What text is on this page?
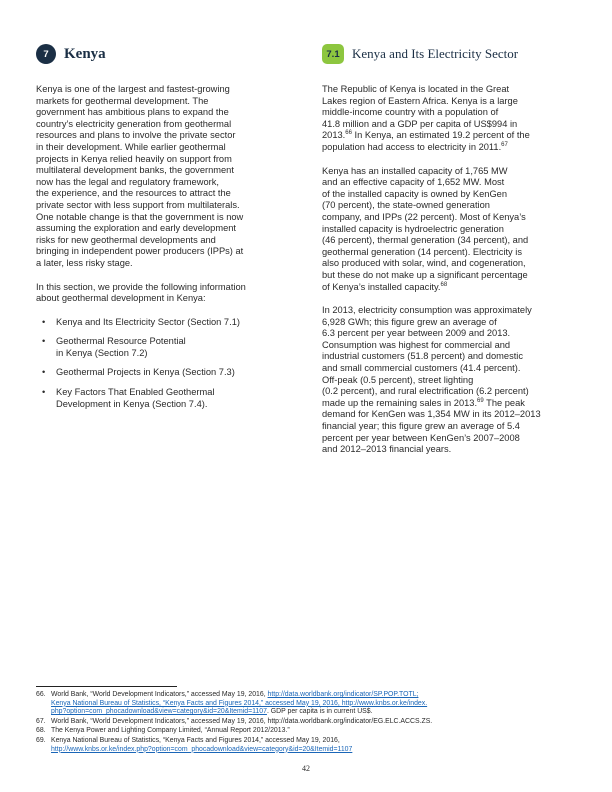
7	Kenya

Kenya is one of the largest and fastest-growing
markets for geothermal development. The
government has ambitious plans to expand the
country’s electricity generation from geothermal
resources and plans to involve the private sector
in their development. While earlier geothermal
projects in Kenya relied heavily on support from
multilateral development banks, the government
now has the legal and regulatory framework,
the experience, and the resources to attract the
private sector with less support from multilaterals.
One notable change is that the government is now
assuming the exploration and early development
risks for new geothermal developments and
bringing in independent power producers (IPPs) at
a later, less risky stage.

In this section, we provide the following information
about geothermal development in Kenya:

• Kenya and Its Electricity Sector (Section 7.1)
• Geothermal Resource Potential
in Kenya (Section 7.2)
• Geothermal Projects in Kenya (Section 7.3)
• Key Factors That Enabled Geothermal
Development in Kenya (Section 7.4).
7.1 Kenya and Its Electricity Sector

The Republic of Kenya is located in the Great
Lakes region of Eastern Africa. Kenya is a large
middle-income country with a population of
41.8 million and a GDP per capita of US$994 in
2013.66 In Kenya, an estimated 19.2 percent of the
population had access to electricity in 2011.67

Kenya has an installed capacity of 1,765 MW
and an effective capacity of 1,652 MW. Most
of the installed capacity is owned by KenGen
(70 percent), the state-owned generation
company, and IPPs (22 percent). Most of Kenya’s
installed capacity is hydroelectric generation
(46 percent), thermal generation (34 percent), and
geothermal generation (14 percent). Electricity is
also produced with solar, wind, and cogeneration,
but these do not make up a significant percentage
of Kenya’s installed capacity.$^{68}$

In 2013, electricity consumption was approximately
6,928 GWh; this figure grew an average of
6.3 percent per year between 2009 and 2013.
Consumption was highest for commercial and
industrial customers (51.8 percent) and domestic
and small commercial customers (41.4 percent).
Off-peak (0.5 percent), street lighting
(0.2 percent), and rural electrification (6.2 percent)
made up the remaining sales in 2013.69 The peak
demand for KenGen was 1,354 MW in its 2012–2013
financial year; this figure grew an average of 5.4
percent per year between KenGen’s 2007–2008
and 2012–2013 financial years.

66. World Bank, “World Development Indicators,” accessed May 19, 2016, http://data.worldbank.org/indicator/SP.POP.TOTL;
Kenya National Bureau of Statistics, “Kenya Facts and Figures 2014,” accessed May 19, 2016, http://www.knbs.or.ke/index.
php?option=com_phocadownload&view=category&id=20&Itemid=1107. GDP per capita is in current US$.
67. World Bank, “World Development Indicators,” accessed May 19, 2016, http://data.worldbank.org/indicator/EG.ELC.ACCS.ZS.
68. The Kenya Power and Lighting Company Limited, “Annual Report 2012/2013.”
69. Kenya National Bureau of Statistics, “Kenya Facts and Figures 2014,” accessed May 19, 2016,
http://www.knbs.or.ke/index.php?option=com_phocadownload&view=category&id=20&Itemid=1107
42
